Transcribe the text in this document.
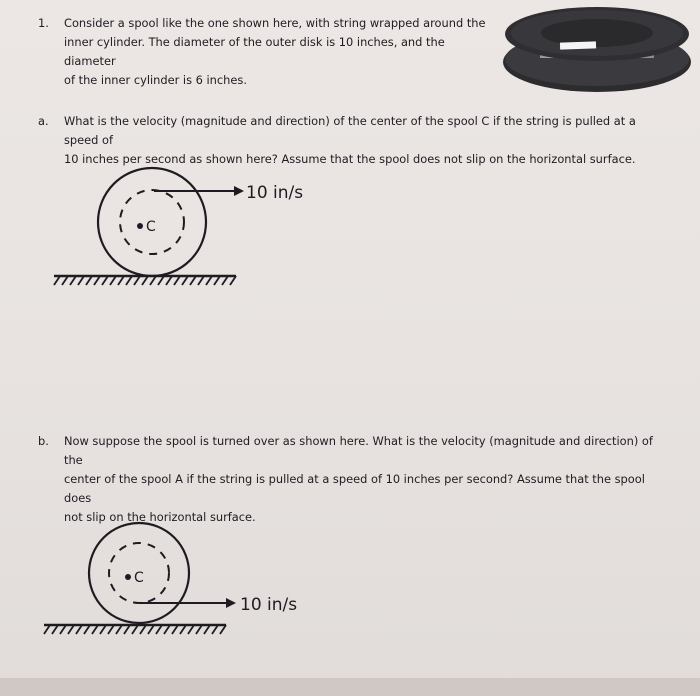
1. Consider a spool like the one shown here, with string wrapped around the

inner cylinder. The diameter of the outer disk is 10 inches, and the diameter

of the inner cylinder is 6 inches.

a. What is the velocity (magnitude and direction) of the center of the spool C if the string is pulled at a speed of

10 inches per second as shown here? Assume that the spool does not slip on the horizontal surface.

C
10 in/s
b. Now suppose the spool is turned over as shown here. What is the velocity (magnitude and direction) of the

center of the spool A if the string is pulled at a speed of 10 inches per second? Assume that the spool does

not slip on the horizontal surface.

C
10 in/s
